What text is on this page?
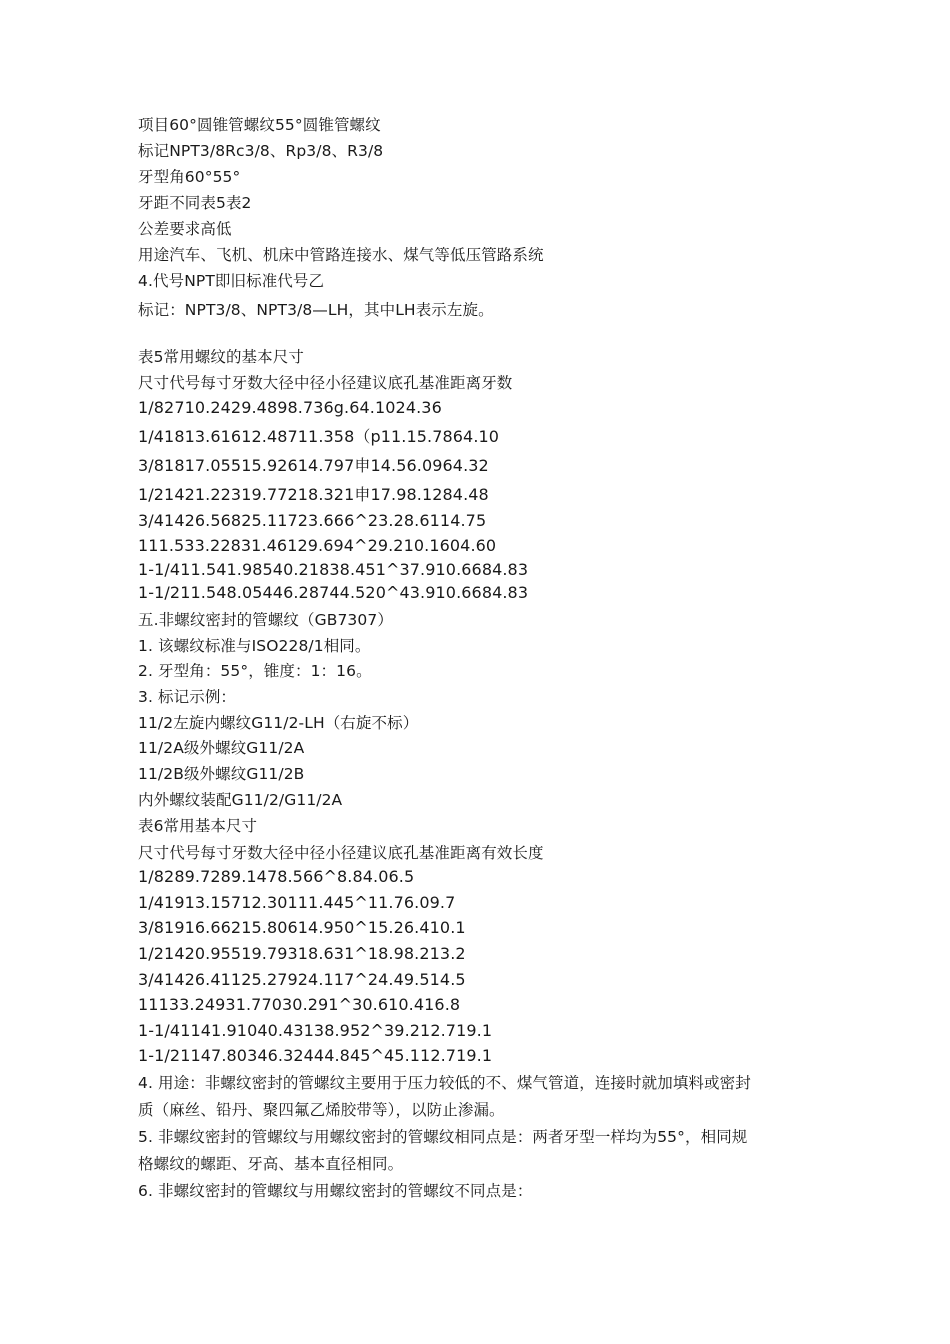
项目60°圆锥管螺纹55°圆锥管螺纹
标记NPT3/8Rc3/8、Rp3/8、R3/8
牙型角60°55°
牙距不同表5表2
公差要求高低
用途汽车、飞机、机床中管路连接水、煤气等低压管路系统
4.代号NPT即旧标准代号乙
标记：NPT3/8、NPT3/8—LH，其中LH表示左旋。
表5常用螺纹的基本尺寸
尺寸代号每寸牙数大径中径小径建议底孔基准距离牙数
1/82710.2429.4898.736g.64.1024.36
1/41813.61612.48711.358（p11.15.7864.10
3/81817.05515.92614.797申14.56.0964.32
1/21421.22319.77218.321申17.98.1284.48
3/41426.56825.11723.666^23.28.6114.75
111.533.22831.46129.694^29.210.1604.60
1-1/411.541.98540.21838.451^37.910.6684.83
1-1/211.548.05446.28744.520^43.910.6684.83
五.非螺纹密封的管螺纹（GB7307）
1. 该螺纹标准与ISO228/1相同。
2. 牙型角：55°，锥度：1：16。
3. 标记示例：
11/2左旋内螺纹G11/2-LH（右旋不标）
11/2A级外螺纹G11/2A
11/2B级外螺纹G11/2B
内外螺纹装配G11/2/G11/2A
表6常用基本尺寸
尺寸代号每寸牙数大径中径小径建议底孔基准距离有效长度
1/8289.7289.1478.566^8.84.06.5
1/41913.15712.30111.445^11.76.09.7
3/81916.66215.80614.950^15.26.410.1
1/21420.95519.79318.631^18.98.213.2
3/41426.41125.27924.117^24.49.514.5
11133.24931.77030.291^30.610.416.8
1-1/41141.91040.43138.952^39.212.719.1
1-1/21147.80346.32444.845^45.112.719.1
4. 用途：非螺纹密封的管螺纹主要用于压力较低的不、煤气管道，连接时就加填料或密封
质（麻丝、铅丹、聚四氟乙烯胶带等），以防止渗漏。
5. 非螺纹密封的管螺纹与用螺纹密封的管螺纹相同点是：两者牙型一样均为55°，相同规
格螺纹的螺距、牙高、基本直径相同。
6. 非螺纹密封的管螺纹与用螺纹密封的管螺纹不同点是：
